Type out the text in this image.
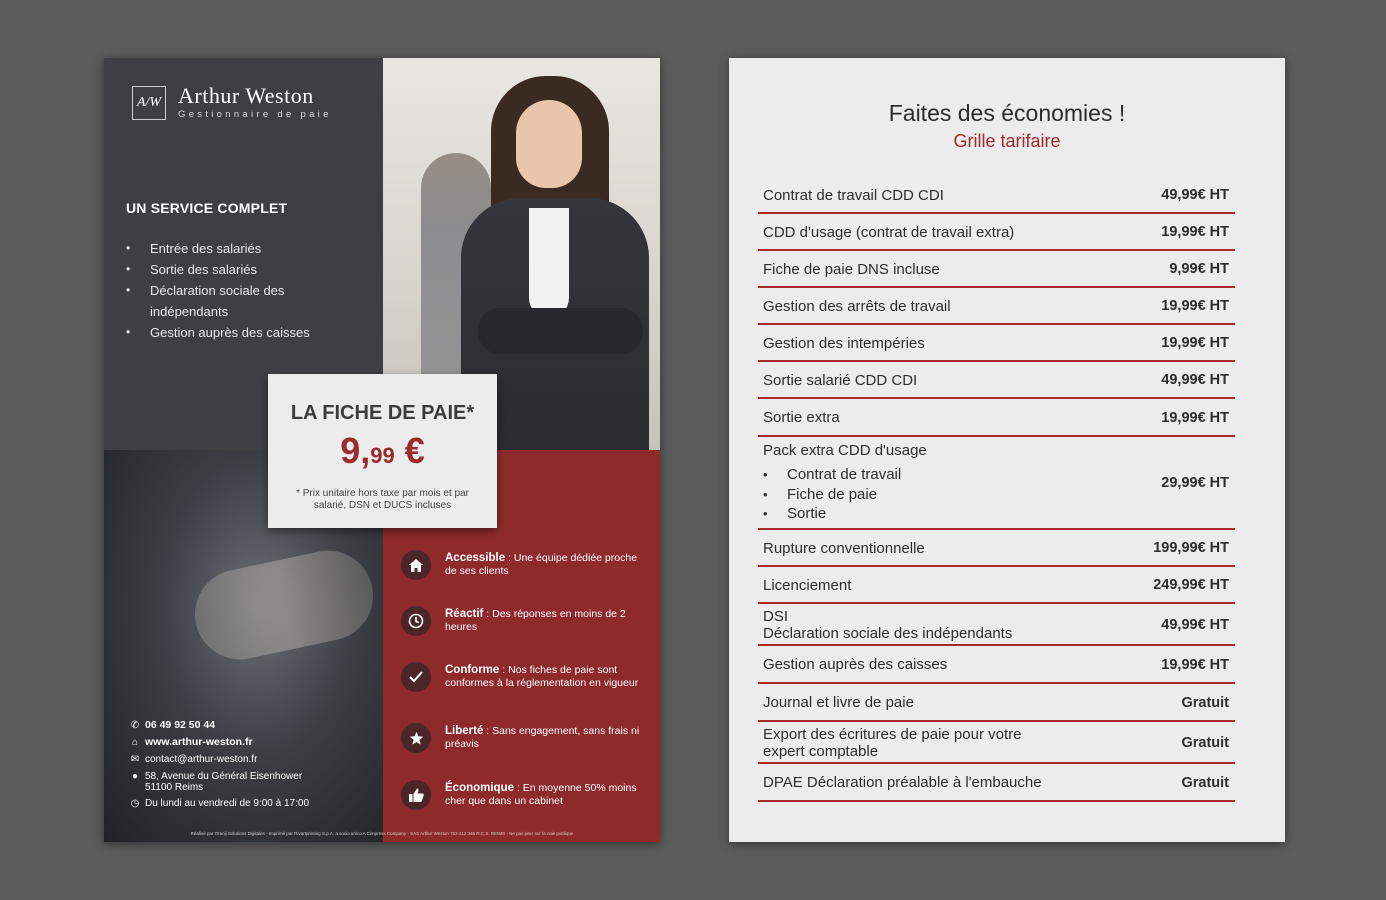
A/W Arthur Weston
Gestionnaire de paie
UN SERVICE COMPLET
• Entrée des salariés
• Sortie des salariés
• Déclaration sociale des indépendants
• Gestion auprès des caisses
LA FICHE DE PAIE*
9,99 €
* Prix unitaire hors taxe par mois et par salarié, DSN et DUCS incluses
Accessible : Une équipe dédiée proche de ses clients
Réactif : Des réponses en moins de 2 heures
Conforme : Nos fiches de paie sont conformes à la réglementation en vigueur
Liberté : Sans engagement, sans frais ni préavis
Économique : En moyenne 50% moins cher que dans un cabinet
✆ 06 49 92 50 44
⌂ www.arthur-weston.fr
✉ contact@arthur-weston.fr
● 58, Avenue du Général Eisenhower
51100 Reims
◷ Du lundi au vendredi de 9:00 à 17:00
Réalisé par Oranji Solutions Digitales - Imprimé par Rivartprinting S.p.A. a socio unico A Cimpress Company - SAS Arthur Weston 753 412 345 R.C.S. REIMS - Ne pas jeter sur la voie publique
Faites des économies !
Grille tarifaire
Contrat de travail CDD CDI	49,99€ HT
CDD d'usage (contrat de travail extra)	19,99€ HT
Fiche de paie DNS incluse	9,99€ HT
Gestion des arrêts de travail	19,99€ HT
Gestion des intempéries	19,99€ HT
Sortie salarié CDD CDI	49,99€ HT
Sortie extra	19,99€ HT
Pack extra CDD d'usage
• Contrat de travail
• Fiche de paie
• Sortie
29,99€ HT
Rupture conventionnelle	199,99€ HT
Licenciement	249,99€ HT
DSI
Déclaration sociale des indépendants	49,99€ HT
Gestion auprès des caisses	19,99€ HT
Journal et livre de paie	Gratuit
Export des écritures de paie pour votre
expert comptable	Gratuit
DPAE Déclaration préalable à l'embauche	Gratuit
